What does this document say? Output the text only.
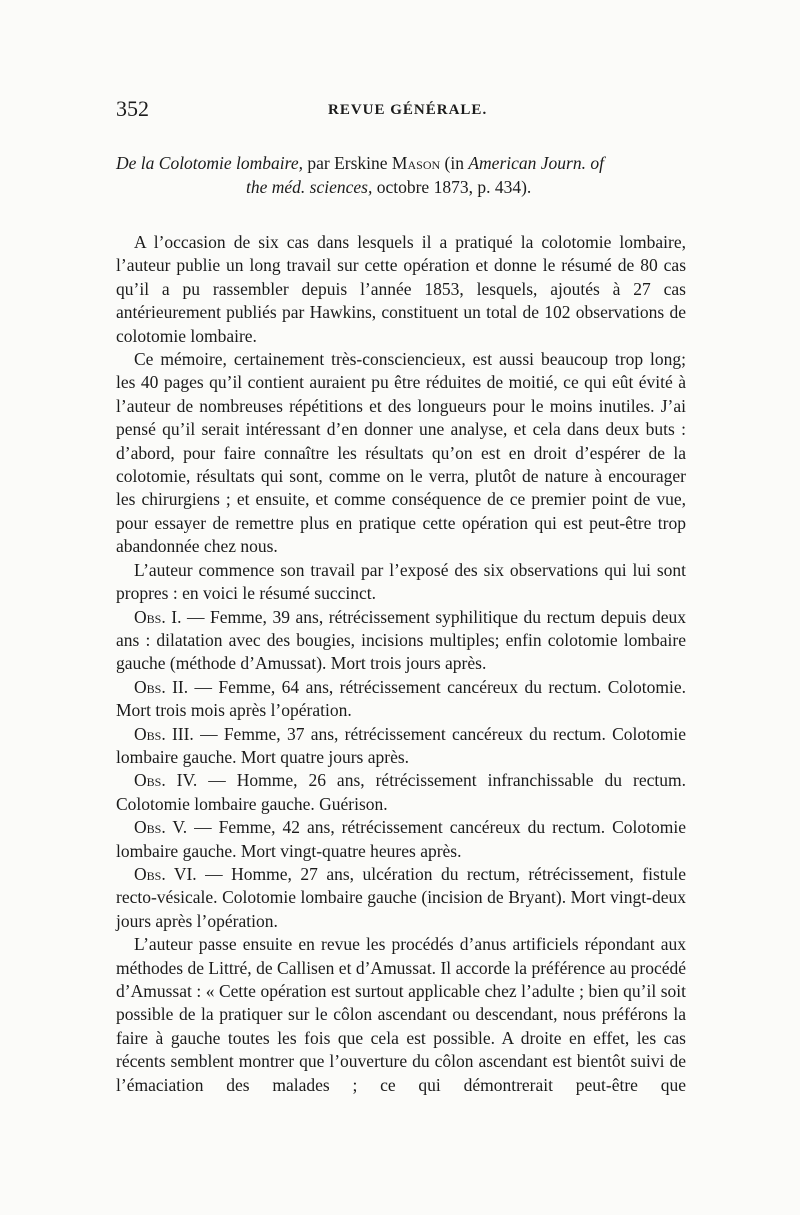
352	REVUE GÉNÉRALE.
De la Colotomie lombaire, par Erskine Mason (in American Journ. of
the méd. sciences, octobre 1873, p. 434).

A l’occasion de six cas dans lesquels il a pratiqué la colotomie lombaire, l’auteur publie un long travail sur cette opération et donne le résumé de 80 cas qu’il a pu rassembler depuis l’année 1853, lesquels, ajoutés à 27 cas antérieurement publiés par Hawkins, constituent un total de 102 observations de colotomie lombaire.

Ce mémoire, certainement très-consciencieux, est aussi beaucoup trop long; les 40 pages qu’il contient auraient pu être réduites de moitié, ce qui eût évité à l’auteur de nombreuses répétitions et des longueurs pour le moins inutiles. J’ai pensé qu’il serait intéressant d’en donner une analyse, et cela dans deux buts : d’abord, pour faire connaître les résultats qu’on est en droit d’espérer de la colotomie, résultats qui sont, comme on le verra, plutôt de nature à encourager les chirurgiens ; et ensuite, et comme conséquence de ce premier point de vue, pour essayer de remettre plus en pratique cette opération qui est peut-être trop abandonnée chez nous.

L’auteur commence son travail par l’exposé des six observations qui lui sont propres : en voici le résumé succinct.

Obs. I. — Femme, 39 ans, rétrécissement syphilitique du rectum depuis deux ans : dilatation avec des bougies, incisions multiples; enfin colotomie lombaire gauche (méthode d’Amussat). Mort trois jours après.

Obs. II. — Femme, 64 ans, rétrécissement cancéreux du rectum. Colotomie. Mort trois mois après l’opération.

Obs. III. — Femme, 37 ans, rétrécissement cancéreux du rectum. Colotomie lombaire gauche. Mort quatre jours après.

Obs. IV. — Homme, 26 ans, rétrécissement infranchissable du rectum. Colotomie lombaire gauche. Guérison.

Obs. V. — Femme, 42 ans, rétrécissement cancéreux du rectum. Colotomie lombaire gauche. Mort vingt-quatre heures après.

Obs. VI. — Homme, 27 ans, ulcération du rectum, rétrécissement, fistule recto-vésicale. Colotomie lombaire gauche (incision de Bryant). Mort vingt-deux jours après l’opération.

L’auteur passe ensuite en revue les procédés d’anus artificiels répondant aux méthodes de Littré, de Callisen et d’Amussat. Il accorde la préférence au procédé d’Amussat : « Cette opération est surtout applicable chez l’adulte ; bien qu’il soit possible de la pratiquer sur le côlon ascendant ou descendant, nous préférons la faire à gauche toutes les fois que cela est possible. A droite en effet, les cas récents semblent montrer que l’ouverture du côlon ascendant est bientôt suivi de l’émaciation des malades ; ce qui démontrerait peut-être que
